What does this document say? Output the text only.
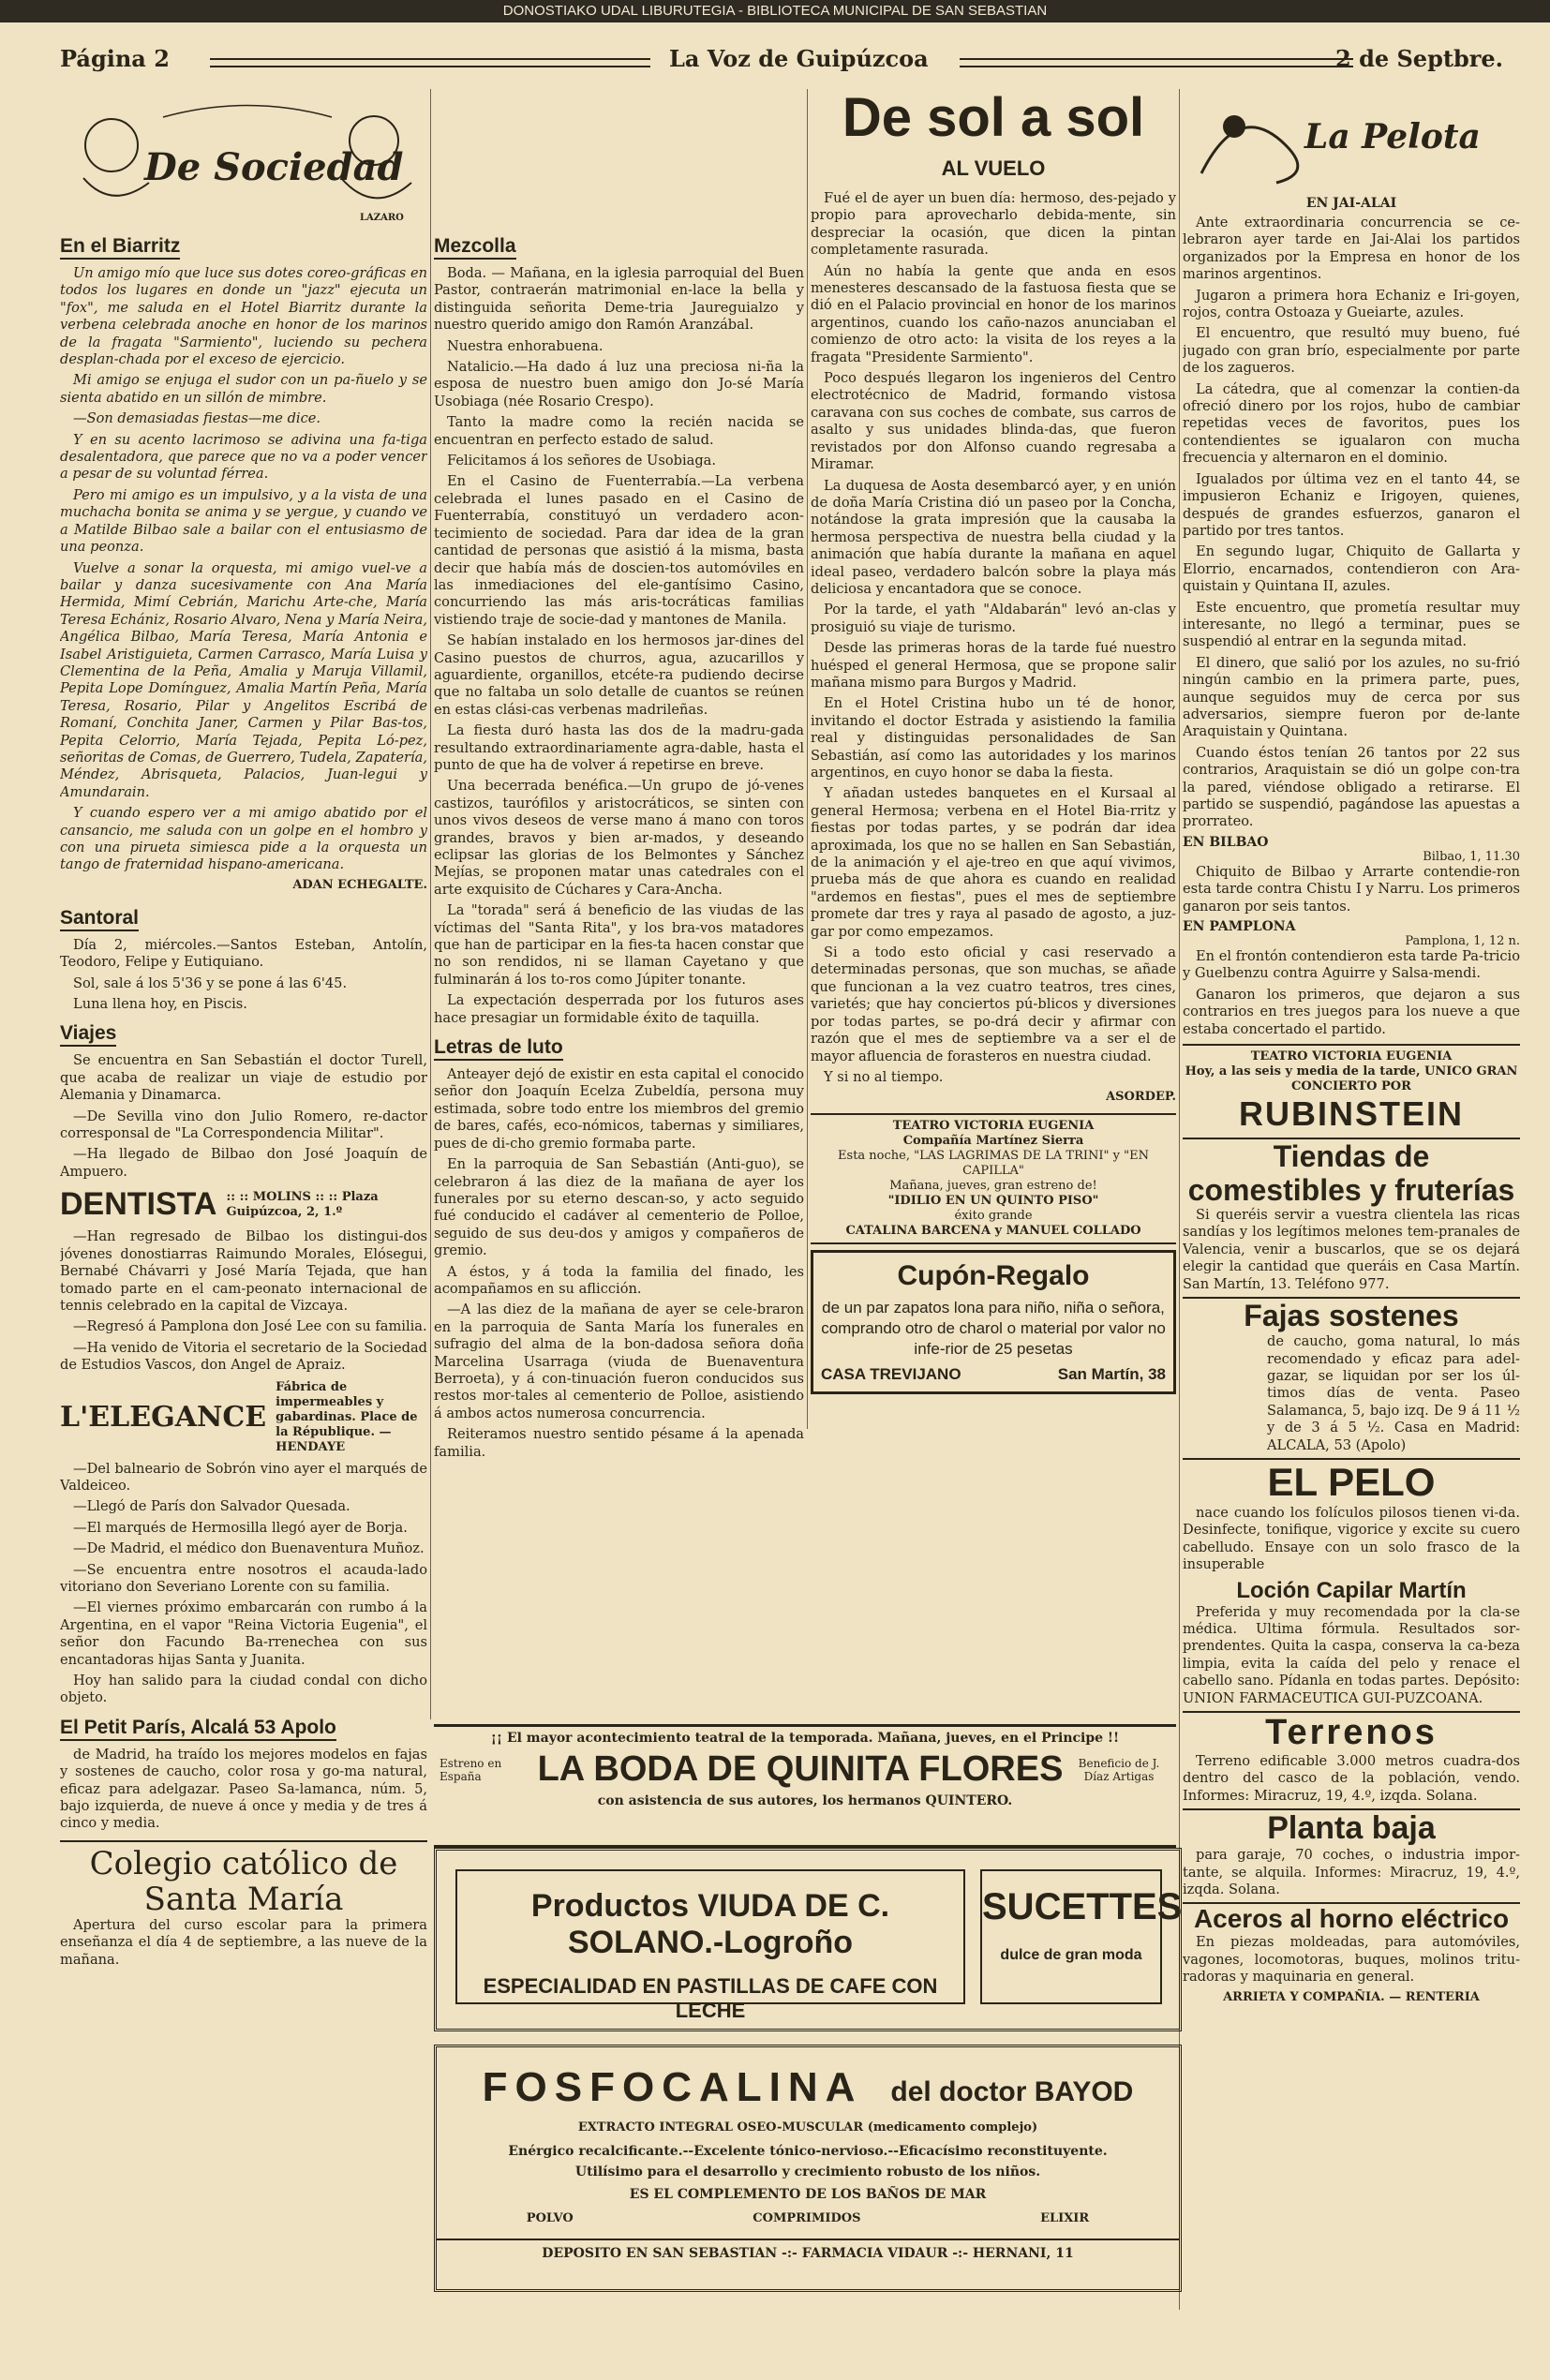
DONOSTIAKO UDAL LIBURUTEGIA - BIBLIOTECA MUNICIPAL DE SAN SEBASTIAN
Página 2	La Voz de Guipúzcoa	2 de Septbre.
De Sociedad
LAZARO
En el Biarritz

Un amigo mío que luce sus dotes coreo-gráficas en todos los lugares en donde un "jazz" ejecuta un "fox", me saluda en el Hotel Biarritz durante la verbena celebrada anoche en honor de los marinos de la fragata "Sarmiento", luciendo su pechera desplan-chada por el exceso de ejercicio.

Mi amigo se enjuga el sudor con un pa-ñuelo y se sienta abatido en un sillón de mimbre.

—Son demasiadas fiestas—me dice.

Y en su acento lacrimoso se adivina una fa-tiga desalentadora, que parece que no va a poder vencer a pesar de su voluntad férrea.

Pero mi amigo es un impulsivo, y a la vista de una muchacha bonita se anima y se yergue, y cuando ve a Matilde Bilbao sale a bailar con el entusiasmo de una peonza.

Vuelve a sonar la orquesta, mi amigo vuel-ve a bailar y danza sucesivamente con Ana María Hermida, Mimí Cebrián, Marichu Arte-che, María Teresa Echániz, Rosario Alvaro, Nena y María Neira, Angélica Bilbao, María Teresa, María Antonia e Isabel Aristiguieta, Carmen Carrasco, María Luisa y Clementina de la Peña, Amalia y Maruja Villamil, Pepita Lope Domínguez, Amalia Martín Peña, María Teresa, Rosario, Pilar y Angelitos Escribá de Romaní, Conchita Janer, Carmen y Pilar Bas-tos, Pepita Celorrio, María Tejada, Pepita Ló-pez, señoritas de Comas, de Guerrero, Tudela, Zapatería, Méndez, Abrisqueta, Palacios, Juan-legui y Amundarain.

Y cuando espero ver a mi amigo abatido por el cansancio, me saluda con un golpe en el hombro y con una pirueta simiesca pide a la orquesta un tango de fraternidad hispano-americana.

ADAN ECHEGALTE.
Santoral

Día 2, miércoles.—Santos Esteban, Antolín, Teodoro, Felipe y Eutiquiano.

Sol, sale á los 5'36 y se pone á las 6'45.

Luna llena hoy, en Piscis.

Viajes

Se encuentra en San Sebastián el doctor Turell, que acaba de realizar un viaje de estudio por Alemania y Dinamarca.

—De Sevilla vino don Julio Romero, re-dactor corresponsal de "La Correspondencia Militar".

—Ha llegado de Bilbao don José Joaquín de Ampuero.

DENTISTA :: :: MOLINS :: :: Plaza Guipúzcoa, 2, 1.º

—Han regresado de Bilbao los distingui-dos jóvenes donostiarras Raimundo Morales, Elósegui, Bernabé Chávarri y José María Tejada, que han tomado parte en el cam-peonato internacional de tennis celebrado en la capital de Vizcaya.

—Regresó á Pamplona don José Lee con su familia.

—Ha venido de Vitoria el secretario de la Sociedad de Estudios Vascos, don Angel de Apraiz.

L'ELEGANCE
Fábrica de impermeables y gabardinas. Place de la République. — HENDAYE

—Del balneario de Sobrón vino ayer el marqués de Valdeiceo.

—Llegó de París don Salvador Quesada.

—El marqués de Hermosilla llegó ayer de Borja.

—De Madrid, el médico don Buenaventura Muñoz.

—Se encuentra entre nosotros el acauda-lado vitoriano don Severiano Lorente con su familia.

—El viernes próximo embarcarán con rumbo á la Argentina, en el vapor "Reina Victoria Eugenia", el señor don Facundo Ba-rrenechea con sus encantadoras hijas Santa y Juanita.

Hoy han salido para la ciudad condal con dicho objeto.

El Petit París, Alcalá 53 Apolo

de Madrid, ha traído los mejores modelos en fajas y sostenes de caucho, color rosa y go-ma natural, eficaz para adelgazar. Paseo Sa-lamanca, núm. 5, bajo izquierda, de nueve á once y media y de tres á cinco y media.

Colegio católico de Santa María

Apertura del curso escolar para la primera enseñanza el día 4 de septiembre, a las nueve de la mañana.

Mezcolla

Boda. — Mañana, en la iglesia parroquial del Buen Pastor, contraerán matrimonial en-lace la bella y distinguida señorita Deme-tria Jaureguialzo y nuestro querido amigo don Ramón Aranzábal.

Nuestra enhorabuena.

Natalicio.—Ha dado á luz una preciosa ni-ña la esposa de nuestro buen amigo don Jo-sé María Usobiaga (née Rosario Crespo).

Tanto la madre como la recién nacida se encuentran en perfecto estado de salud.

Felicitamos á los señores de Usobiaga.

En el Casino de Fuenterrabía.—La verbena celebrada el lunes pasado en el Casino de Fuenterrabía, constituyó un verdadero acon-tecimiento de sociedad. Para dar idea de la gran cantidad de personas que asistió á la misma, basta decir que había más de doscien-tos automóviles en las inmediaciones del ele-gantísimo Casino, concurriendo las más aris-tocráticas familias vistiendo traje de socie-dad y mantones de Manila.

Se habían instalado en los hermosos jar-dines del Casino puestos de churros, agua, azucarillos y aguardiente, organillos, etcéte-ra pudiendo decirse que no faltaba un solo detalle de cuantos se reúnen en estas clási-cas verbenas madrileñas.

La fiesta duró hasta las dos de la madru-gada resultando extraordinariamente agra-dable, hasta el punto de que ha de volver á repetirse en breve.

Una becerrada benéfica.—Un grupo de jó-venes castizos, taurófilos y aristocráticos, se sinten con unos vivos deseos de verse mano á mano con toros grandes, bravos y bien ar-mados, y deseando eclipsar las glorias de los Belmontes y Sánchez Mejías, se proponen matar unas catedrales con el arte exquisito de Cúchares y Cara-Ancha.

La "torada" será á beneficio de las viudas de las víctimas del "Santa Rita", y los bra-vos matadores que han de participar en la fies-ta hacen constar que no son rendidos, ni se llaman Cayetano y que fulminarán á los to-ros como Júpiter tonante.

La expectación desperrada por los futuros ases hace presagiar un formidable éxito de taquilla.

Letras de luto

Anteayer dejó de existir en esta capital el conocido señor don Joaquín Ecelza Zubeldía, persona muy estimada, sobre todo entre los miembros del gremio de bares, cafés, eco-nómicos, tabernas y similiares, pues de di-cho gremio formaba parte.

En la parroquia de San Sebastián (Anti-guo), se celebraron á las diez de la mañana de ayer los funerales por su eterno descan-so, y acto seguido fué conducido el cadáver al cementerio de Polloe, seguido de sus deu-dos y amigos y compañeros de gremio.

A éstos, y á toda la familia del finado, les acompañamos en su aflicción.

—A las diez de la mañana de ayer se cele-braron en la parroquia de Santa María los funerales en sufragio del alma de la bon-dadosa señora doña Marcelina Usarraga (viuda de Buenaventura Berroeta), y á con-tinuación fueron conducidos sus restos mor-tales al cementerio de Polloe, asistiendo á ambos actos numerosa concurrencia.

Reiteramos nuestro sentido pésame á la apenada familia.

De sol a sol
AL VUELO

Fué el de ayer un buen día: hermoso, des-pejado y propio para aprovecharlo debida-mente, sin despreciar la ocasión, que dicen la pintan completamente rasurada.

Aún no había la gente que anda en esos menesteres descansado de la fastuosa fiesta que se dió en el Palacio provincial en honor de los marinos argentinos, cuando los caño-nazos anunciaban el comienzo de otro acto: la visita de los reyes a la fragata "Presidente Sarmiento".

Poco después llegaron los ingenieros del Centro electrotécnico de Madrid, formando vistosa caravana con sus coches de combate, sus carros de asalto y sus unidades blinda-das, que fueron revistados por don Alfonso cuando regresaba a Miramar.

La duquesa de Aosta desembarcó ayer, y en unión de doña María Cristina dió un paseo por la Concha, notándose la grata impresión que la causaba la hermosa perspectiva de nuestra bella ciudad y la animación que había durante la mañana en aquel ideal paseo, verdadero balcón sobre la playa más deliciosa y encantadora que se conoce.

Por la tarde, el yath "Aldabarán" levó an-clas y prosiguió su viaje de turismo.

Desde las primeras horas de la tarde fué nuestro huésped el general Hermosa, que se propone salir mañana mismo para Burgos y Madrid.

En el Hotel Cristina hubo un té de honor, invitando el doctor Estrada y asistiendo la familia real y distinguidas personalidades de San Sebastián, así como las autoridades y los marinos argentinos, en cuyo honor se daba la fiesta.

Y añadan ustedes banquetes en el Kursaal al general Hermosa; verbena en el Hotel Bia-rritz y fiestas por todas partes, y se podrán dar idea aproximada, los que no se hallen en San Sebastián, de la animación y el aje-treo en que aquí vivimos, prueba más de que ahora es cuando en realidad "ardemos en fiestas", pues el mes de septiembre promete dar tres y raya al pasado de agosto, a juz-gar por como empezamos.

Si a todo esto oficial y casi reservado a determinadas personas, que son muchas, se añade que funcionan a la vez cuatro teatros, tres cines, varietés; que hay conciertos pú-blicos y diversiones por todas partes, se po-drá decir y afirmar con razón que el mes de septiembre va a ser el de mayor afluencia de forasteros en nuestra ciudad.

Y si no al tiempo.

ASORDEP.
TEATRO VICTORIA EUGENIA
Compañía Martínez Sierra
Esta noche, "LAS LAGRIMAS DE LA TRINI" y "EN CAPILLA"
Mañana, jueves, gran estreno de!
"IDILIO EN UN QUINTO PISO"
éxito grande
CATALINA BARCENA y MANUEL COLLADO
Cupón-Regalo
de un par zapatos lona para niño, niña o señora, comprando otro de charol o material por valor no infe-rior de 25 pesetas
CASA TREVIJANO	San Martín, 38
La Pelota
EN JAI-ALAI

Ante extraordinaria concurrencia se ce-lebraron ayer tarde en Jai-Alai los partidos organizados por la Empresa en honor de los marinos argentinos.

Jugaron a primera hora Echaniz e Iri-goyen, rojos, contra Ostoaza y Gueiarte, azules.

El encuentro, que resultó muy bueno, fué jugado con gran brío, especialmente por parte de los zagueros.

La cátedra, que al comenzar la contien-da ofreció dinero por los rojos, hubo de cambiar repetidas veces de favoritos, pues los contendientes se igualaron con mucha frecuencia y alternaron en el dominio.

Igualados por última vez en el tanto 44, se impusieron Echaniz e Irigoyen, quienes, después de grandes esfuerzos, ganaron el partido por tres tantos.

En segundo lugar, Chiquito de Gallarta y Elorrio, encarnados, contendieron con Ara-quistain y Quintana II, azules.

Este encuentro, que prometía resultar muy interesante, no llegó a terminar, pues se suspendió al entrar en la segunda mitad.

El dinero, que salió por los azules, no su-frió ningún cambio en la primera parte, pues, aunque seguidos muy de cerca por sus adversarios, siempre fueron por de-lante Araquistain y Quintana.

Cuando éstos tenían 26 tantos por 22 sus contrarios, Araquistain se dió un golpe con-tra la pared, viéndose obligado a retirarse. El partido se suspendió, pagándose las apuestas a prorrateo.

EN BILBAO
Bilbao, 1, 11.30

Chiquito de Bilbao y Arrarte contendie-ron esta tarde contra Chistu I y Narru. Los primeros ganaron por seis tantos.

EN PAMPLONA
Pamplona, 1, 12 n.

En el frontón contendieron esta tarde Pa-tricio y Guelbenzu contra Aguirre y Salsa-mendi.

Ganaron los primeros, que dejaron a sus contrarios en tres juegos para los nueve a que estaba concertado el partido.

TEATRO VICTORIA EUGENIA
Hoy, a las seis y media de la tarde, UNICO GRAN CONCIERTO POR
RUBINSTEIN
Tiendas de comestibles y fruterías

Si queréis servir a vuestra clientela las ricas sandías y los legítimos melones tem-pranales de Valencia, venir a buscarlos, que se os dejará elegir la cantidad que queráis en Casa Martín. San Martín, 13. Teléfono 977.

Fajas sostenes

de caucho, goma natural, lo más recomendado y eficaz para adel-gazar, se liquidan por ser los úl-timos días de venta. Paseo Salamanca, 5, bajo izq. De 9 á 11 ½ y de 3 á 5 ½. Casa en Madrid: ALCALA, 53 (Apolo)

EL PELO

nace cuando los folículos pilosos tienen vi-da. Desinfecte, tonifique, vigorice y excite su cuero cabelludo. Ensaye con un solo frasco de la insuperable

Loción Capilar Martín

Preferida y muy recomendada por la cla-se médica. Ultima fórmula. Resultados sor-prendentes. Quita la caspa, conserva la ca-beza limpia, evita la caída del pelo y renace el cabello sano. Pídanla en todas partes. Depósito: UNION FARMACEUTICA GUI-PUZCOANA.

Terrenos

Terreno edificable 3.000 metros cuadra-dos dentro del casco de la población, vendo. Informes: Miracruz, 19, 4.º, izqda. Solana.

Planta baja

para garaje, 70 coches, o industria impor-tante, se alquila. Informes: Miracruz, 19, 4.º, izqda. Solana.

Aceros al horno eléctrico

En piezas moldeadas, para automóviles, vagones, locomotoras, buques, molinos tritu-radoras y maquinaria en general.

ARRIETA Y COMPAÑIA. — RENTERIA
¡¡ El mayor acontecimiento teatral de la temporada. Mañana, jueves, en el Principe !!
Estreno en España	LA BODA DE QUINITA FLORES	Beneficio de J. Díaz Artigas
con asistencia de sus autores, los hermanos QUINTERO.
Productos VIUDA DE C. SOLANO.-Logroño
ESPECIALIDAD EN PASTILLAS DE CAFE CON LECHE
SUCETTES
dulce de gran moda
FOSFOCALINA del doctor BAYOD
EXTRACTO INTEGRAL OSEO-MUSCULAR (medicamento complejo)
Enérgico recalcificante.--Excelente tónico-nervioso.--Eficacísimo reconstituyente.
Utilísimo para el desarrollo y crecimiento robusto de los niños.
ES EL COMPLEMENTO DE LOS BAÑOS DE MAR
POLVO	COMPRIMIDOS	ELIXIR
DEPOSITO EN SAN SEBASTIAN -:- FARMACIA VIDAUR -:- HERNANI, 11
